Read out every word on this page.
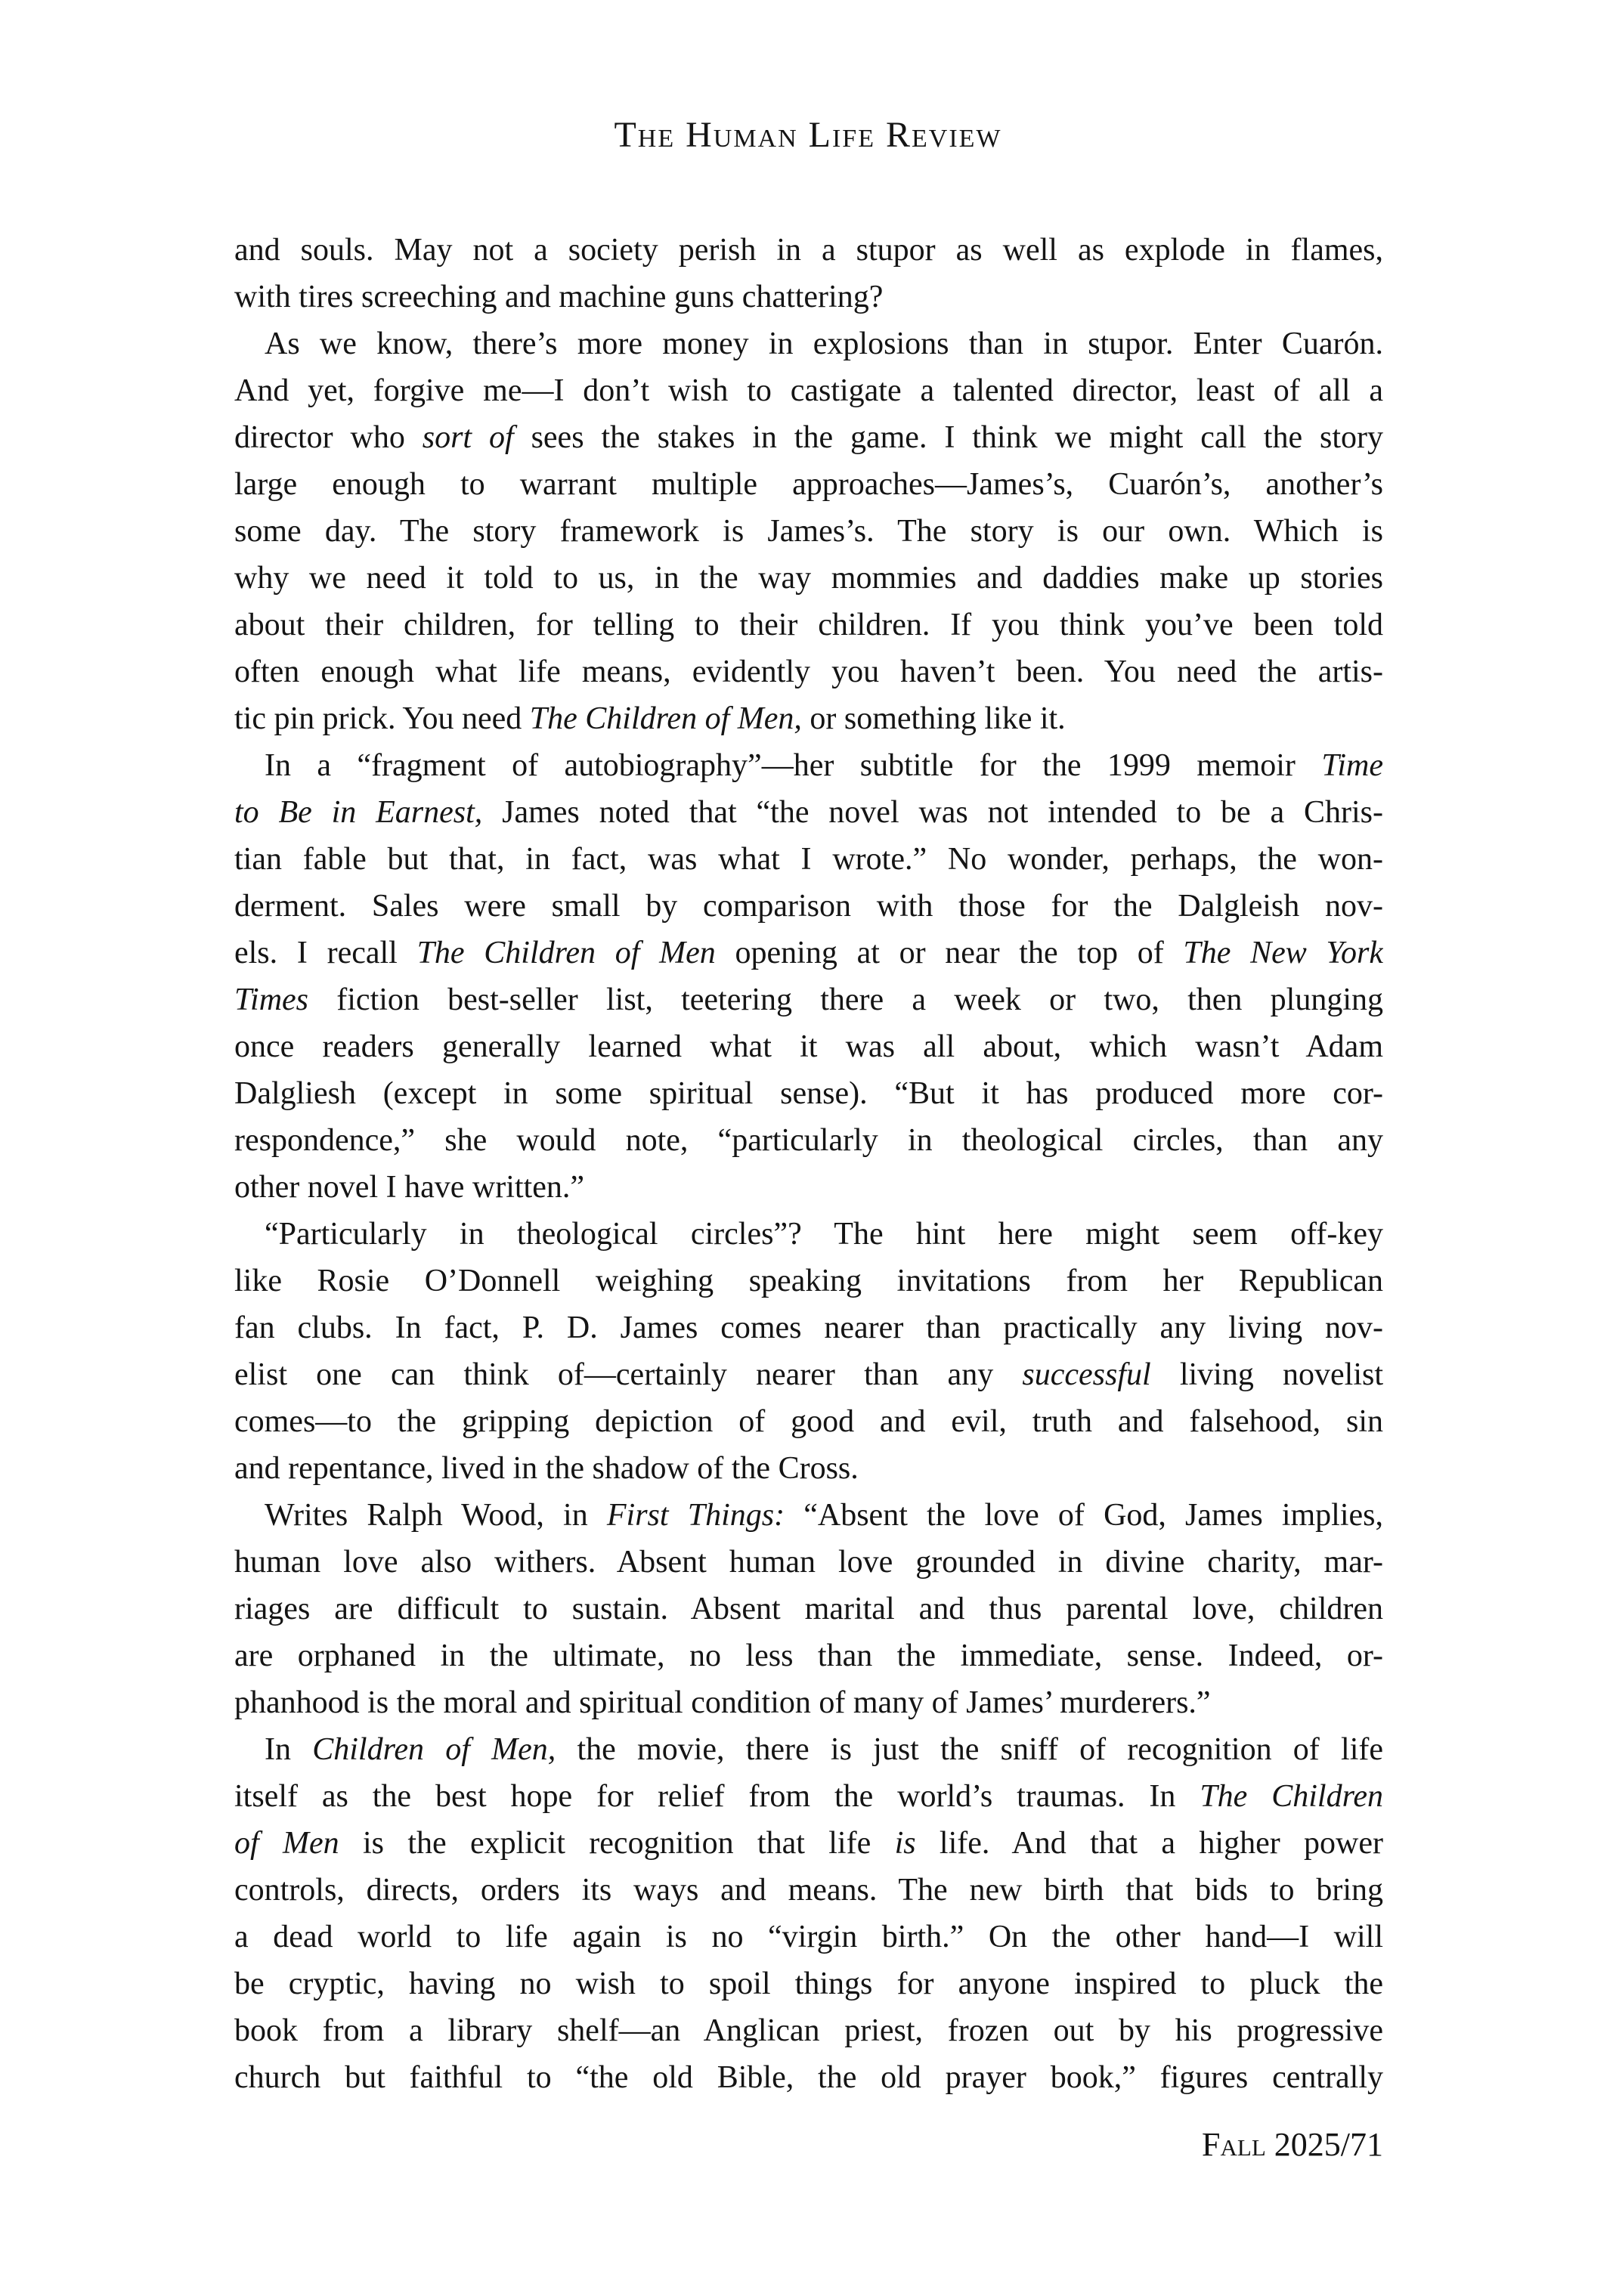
The Human Life Review
and souls. May not a society perish in a stupor as well as explode in flames,
with tires screeching and machine guns chattering?
As we know, there’s more money in explosions than in stupor. Enter Cuarón.
And yet, forgive me—I don’t wish to castigate a talented director, least of all a
director who sort of sees the stakes in the game. I think we might call the story
large enough to warrant multiple approaches—James’s, Cuarón’s, another’s
some day. The story framework is James’s. The story is our own. Which is
why we need it told to us, in the way mommies and daddies make up stories
about their children, for telling to their children. If you think you’ve been told
often enough what life means, evidently you haven’t been. You need the artis-
tic pin prick. You need The Children of Men, or something like it.
In a “fragment of autobiography”—her subtitle for the 1999 memoir Time
to Be in Earnest, James noted that “the novel was not intended to be a Chris-
tian fable but that, in fact, was what I wrote.” No wonder, perhaps, the won-
derment. Sales were small by comparison with those for the Dalgleish nov-
els. I recall The Children of Men opening at or near the top of The New York
Times fiction best-seller list, teetering there a week or two, then plunging
once readers generally learned what it was all about, which wasn’t Adam
Dalgliesh (except in some spiritual sense). “But it has produced more cor-
respondence,” she would note, “particularly in theological circles, than any
other novel I have written.”
“Particularly in theological circles”? The hint here might seem off-key
like Rosie O’Donnell weighing speaking invitations from her Republican
fan clubs. In fact, P. D. James comes nearer than practically any living nov-
elist one can think of—certainly nearer than any successful living novelist
comes—to the gripping depiction of good and evil, truth and falsehood, sin
and repentance, lived in the shadow of the Cross.
Writes Ralph Wood, in First Things: “Absent the love of God, James implies,
human love also withers. Absent human love grounded in divine charity, mar-
riages are difficult to sustain. Absent marital and thus parental love, children
are orphaned in the ultimate, no less than the immediate, sense. Indeed, or-
phanhood is the moral and spiritual condition of many of James’ murderers.”
In Children of Men, the movie, there is just the sniff of recognition of life
itself as the best hope for relief from the world’s traumas. In The Children
of Men is the explicit recognition that life is life. And that a higher power
controls, directs, orders its ways and means. The new birth that bids to bring
a dead world to life again is no “virgin birth.” On the other hand—I will
be cryptic, having no wish to spoil things for anyone inspired to pluck the
book from a library shelf—an Anglican priest, frozen out by his progressive
church but faithful to “the old Bible, the old prayer book,” figures centrally
Fall 2025/71
